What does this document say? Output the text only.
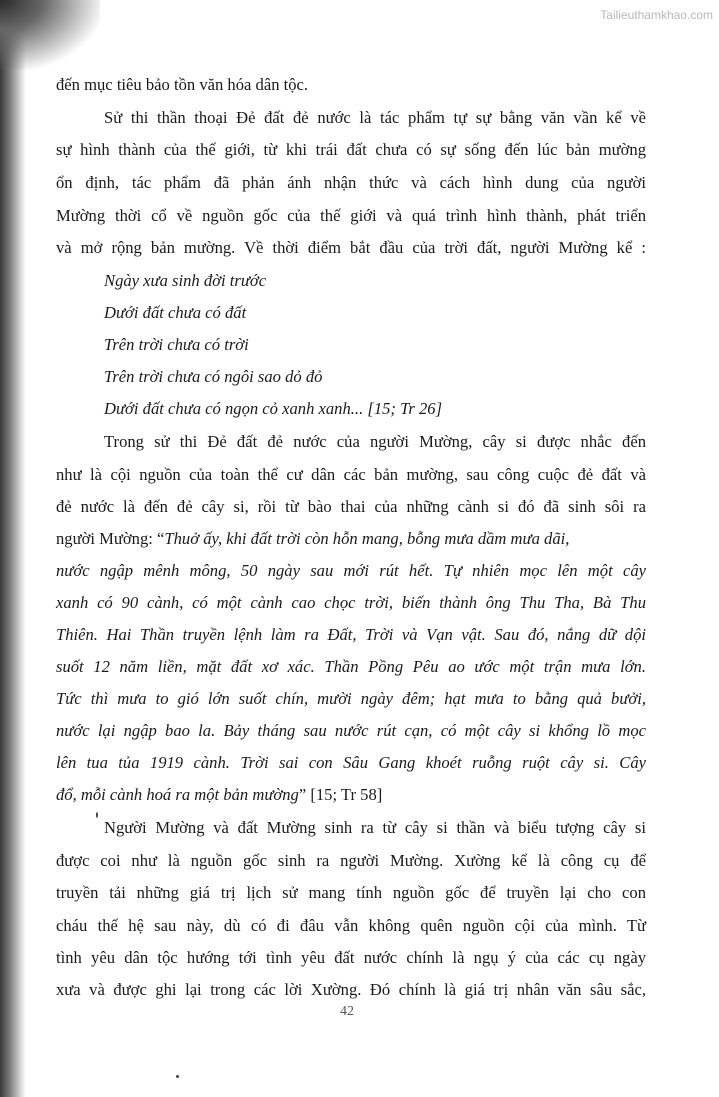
Tailieuthamkhao.com
đến mục tiêu bảo tồn văn hóa dân tộc.
Sử thi thần thoại Đẻ đất đẻ nước là tác phẩm tự sự bằng văn vần kể về
sự hình thành của thế giới, từ khi trái đất chưa có sự sống đến lúc bản mường
ổn định, tác phẩm đã phản ánh nhận thức và cách hình dung của người
Mường thời cổ về nguồn gốc của thế giới và quá trình hình thành, phát triển
và mở rộng bản mường. Về thời điểm bắt đầu của trời đất, người Mường kể :
Ngày xưa sinh đời trước
Dưới đất chưa có đất
Trên trời chưa có trời
Trên trời chưa có ngôi sao dỏ đỏ
Dưới đất chưa có ngọn cỏ xanh xanh... [15; Tr 26]
Trong sử thi Đẻ đất đẻ nước của người Mường, cây si được nhắc đến
như là cội nguồn của toàn thể cư dân các bản mường, sau công cuộc đẻ đất và
đẻ nước là đến đẻ cây si, rồi từ bào thai của những cành si đó đã sinh sôi ra
người Mường: “Thuở ấy, khi đất trời còn hỗn mang, bỗng mưa dầm mưa dãi,
nước ngập mênh mông, 50 ngày sau mới rút hết. Tự nhiên mọc lên một cây
xanh có 90 cành, có một cành cao chọc trời, biến thành ông Thu Tha, Bà Thu
Thiên. Hai Thần truyền lệnh làm ra Đất, Trời và Vạn vật. Sau đó, nắng dữ dội
suốt 12 năm liền, mặt đất xơ xác. Thần Pồng Pêu ao ước một trận mưa lớn.
Tức thì mưa to gió lớn suốt chín, mười ngày đêm; hạt mưa to bằng quả bưởi,
nước lại ngập bao la. Bảy tháng sau nước rút cạn, có một cây si khổng lồ mọc
lên tua tủa 1919 cành. Trời sai con Sâu Gang khoét ruỗng ruột cây si. Cây
đổ, mỗi cành hoá ra một bản mường” [15; Tr 58]
Người Mường và đất Mường sinh ra từ cây si thần và biểu tượng cây si
được coi như là nguồn gốc sinh ra người Mường. Xường kể là công cụ để
truyền tải những giá trị lịch sử mang tính nguồn gốc để truyền lại cho con
cháu thế hệ sau này, dù có đi đâu vẫn không quên nguồn cội của mình. Từ
tình yêu dân tộc hướng tới tình yêu đất nước chính là ngụ ý của các cụ ngày
xưa và được ghi lại trong các lời Xường. Đó chính là giá trị nhân văn sâu sắc,
42
